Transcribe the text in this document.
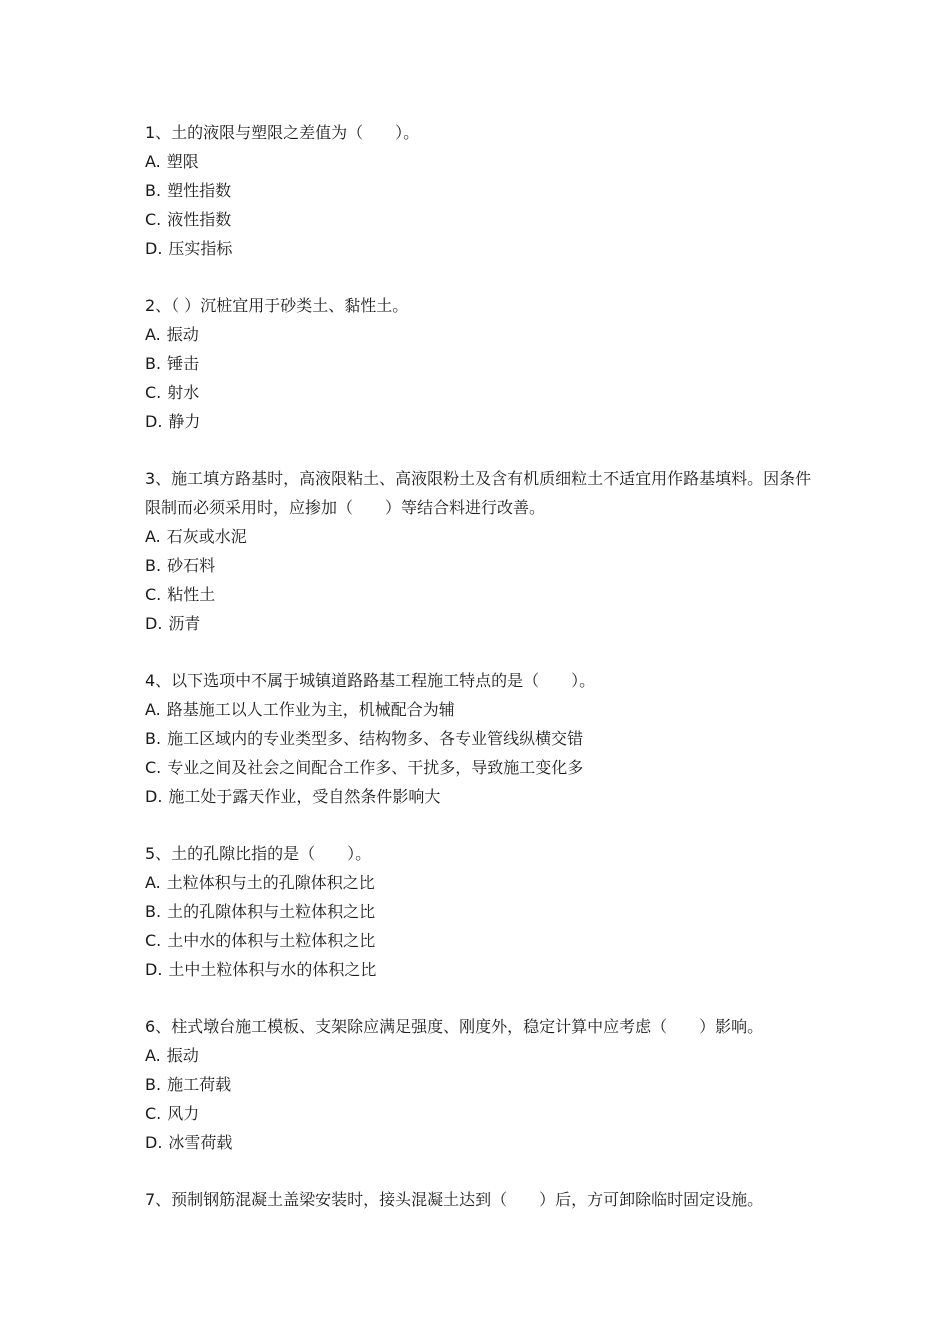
1、土的液限与塑限之差值为（　　）。

A. 塑限

B. 塑性指数

C. 液性指数

D. 压实指标

2、（ ）沉桩宜用于砂类土、黏性土。

A. 振动

B. 锤击

C. 射水

D. 静力

3、施工填方路基时，高液限粘土、高液限粉土及含有机质细粒土不适宜用作路基填料。因条件限制而必须采用时，应掺加（　　）等结合料进行改善。

A. 石灰或水泥

B. 砂石料

C. 粘性土

D. 沥青

4、以下选项中不属于城镇道路路基工程施工特点的是（　　）。

A. 路基施工以人工作业为主，机械配合为辅

B. 施工区域内的专业类型多、结构物多、各专业管线纵横交错

C. 专业之间及社会之间配合工作多、干扰多，导致施工变化多

D. 施工处于露天作业，受自然条件影响大

5、土的孔隙比指的是（　　）。

A. 土粒体积与土的孔隙体积之比

B. 土的孔隙体积与土粒体积之比

C. 土中水的体积与土粒体积之比

D. 土中土粒体积与水的体积之比

6、柱式墩台施工模板、支架除应满足强度、刚度外，稳定计算中应考虑（　　）影响。

A. 振动

B. 施工荷载

C. 风力

D. 冰雪荷载

7、预制钢筋混凝土盖梁安装时，接头混凝土达到（　　）后，方可卸除临时固定设施。
